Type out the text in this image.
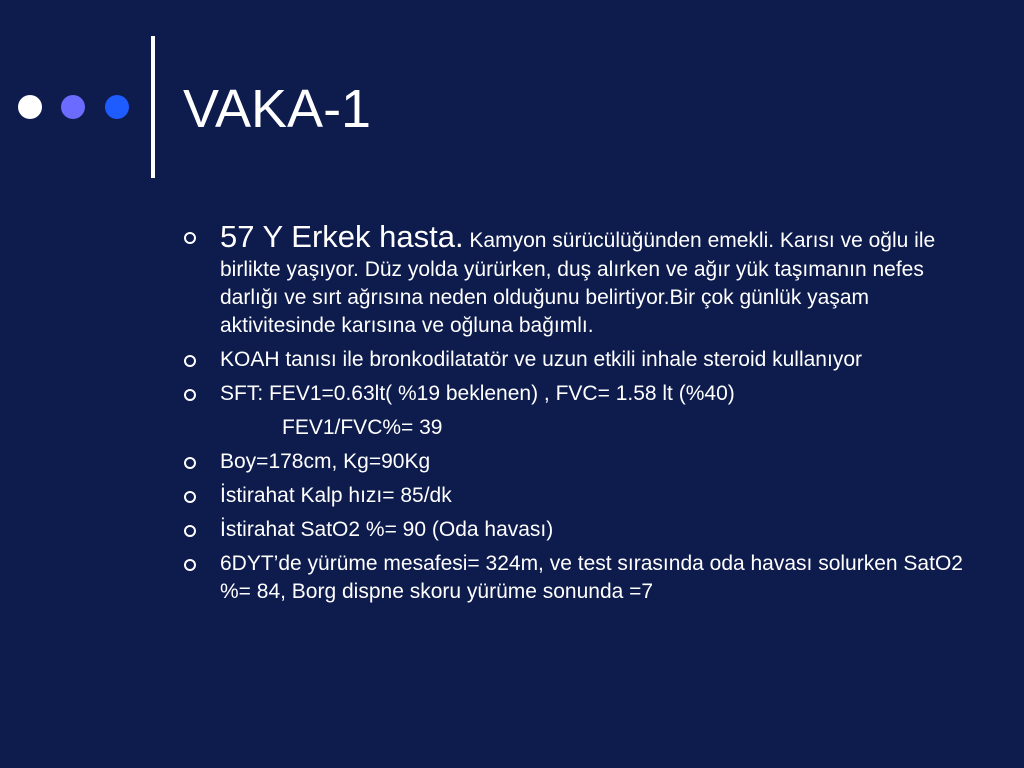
VAKA-1
57 Y Erkek hasta. Kamyon sürücülüğünden emekli. Karısı ve oğlu ile birlikte yaşıyor. Düz yolda yürürken, duş alırken ve ağır yük taşımanın nefes darlığı ve sırt ağrısına neden olduğunu belirtiyor.Bir çok günlük yaşam aktivitesinde karısına ve oğluna bağımlı.
KOAH tanısı ile bronkodilatatör ve uzun etkili inhale steroid kullanıyor
SFT: FEV1=0.63lt( %19 beklenen) , FVC= 1.58 lt (%40)
FEV1/FVC%= 39
Boy=178cm, Kg=90Kg
İstirahat Kalp hızı= 85/dk
İstirahat SatO2 %= 90 (Oda havası)
6DYT’de yürüme mesafesi= 324m, ve test sırasında oda havası solurken SatO2 %= 84, Borg dispne skoru yürüme sonunda =7
